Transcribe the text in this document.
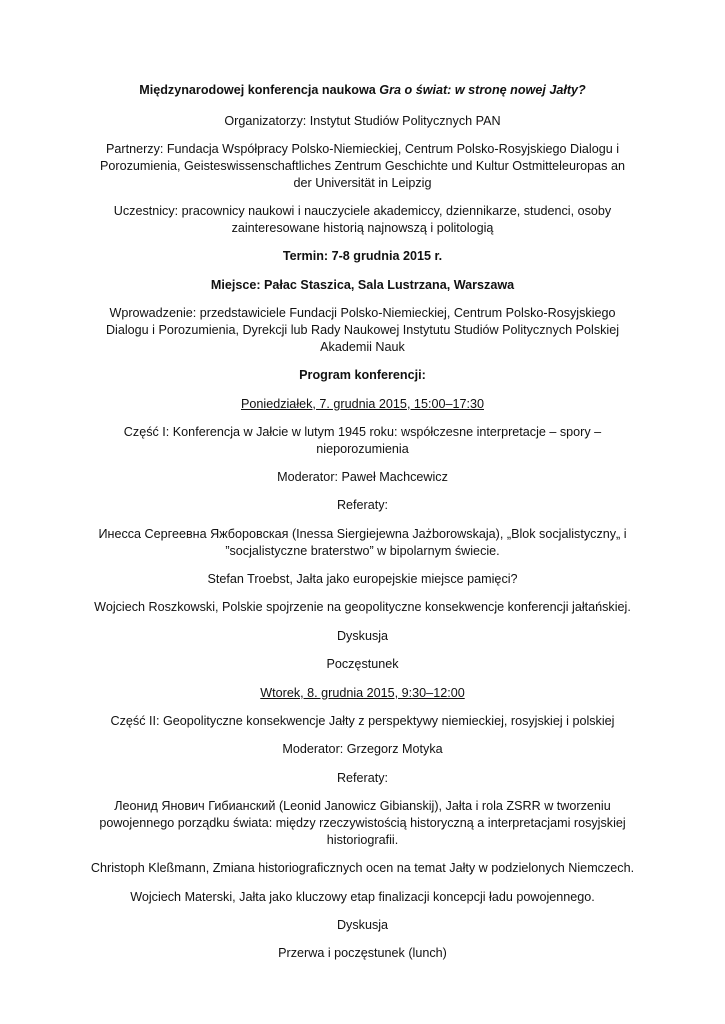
Międzynarodowej konferencja naukowa Gra o świat: w stronę nowej Jałty?

Organizatorzy: Instytut Studiów Politycznych PAN

Partnerzy: Fundacja Współpracy Polsko-Niemieckiej, Centrum Polsko-Rosyjskiego Dialogu i Porozumienia, Geisteswissenschaftliches Zentrum Geschichte und Kultur Ostmitteleuropas an der Universität in Leipzig

Uczestnicy: pracownicy naukowi i nauczyciele akademiccy, dziennikarze, studenci, osoby zainteresowane historią najnowszą i politologią

Termin: 7-8 grudnia 2015 r.

Miejsce: Pałac Staszica, Sala Lustrzana, Warszawa

Wprowadzenie: przedstawiciele Fundacji Polsko-Niemieckiej, Centrum Polsko-Rosyjskiego Dialogu i Porozumienia, Dyrekcji lub Rady Naukowej Instytutu Studiów Politycznych Polskiej Akademii Nauk

Program konferencji:

Poniedziałek, 7. grudnia 2015, 15:00–17:30

Część I: Konferencja w Jałcie w lutym 1945 roku: współczesne interpretacje – spory – nieporozumienia

Moderator: Paweł Machcewicz

Referaty:

Инесса Сергеевна Яжборовская (Inessa Siergiejewna Jażborowskaja), „Blok socjalistyczny„ i ”socjalistyczne braterstwo” w bipolarnym świecie.

Stefan Troebst, Jałta jako europejskie miejsce pamięci?

Wojciech Roszkowski, Polskie spojrzenie na geopolityczne konsekwencje konferencji jałtańskiej.

Dyskusja

Poczęstunek

Wtorek, 8. grudnia 2015, 9:30–12:00

Część II: Geopolityczne konsekwencje Jałty z perspektywy niemieckiej, rosyjskiej i polskiej

Moderator: Grzegorz Motyka

Referaty:

Леонид Янович Гибианский (Leonid Janowicz Gibianskij), Jałta i rola ZSRR w tworzeniu powojennego porządku świata: między rzeczywistością historyczną a interpretacjami rosyjskiej historiografii.

Christoph Kleßmann, Zmiana historiograficznych ocen na temat Jałty w podzielonych Niemczech.

Wojciech Materski, Jałta jako kluczowy etap finalizacji koncepcji ładu powojennego.

Dyskusja

Przerwa i poczęstunek (lunch)
